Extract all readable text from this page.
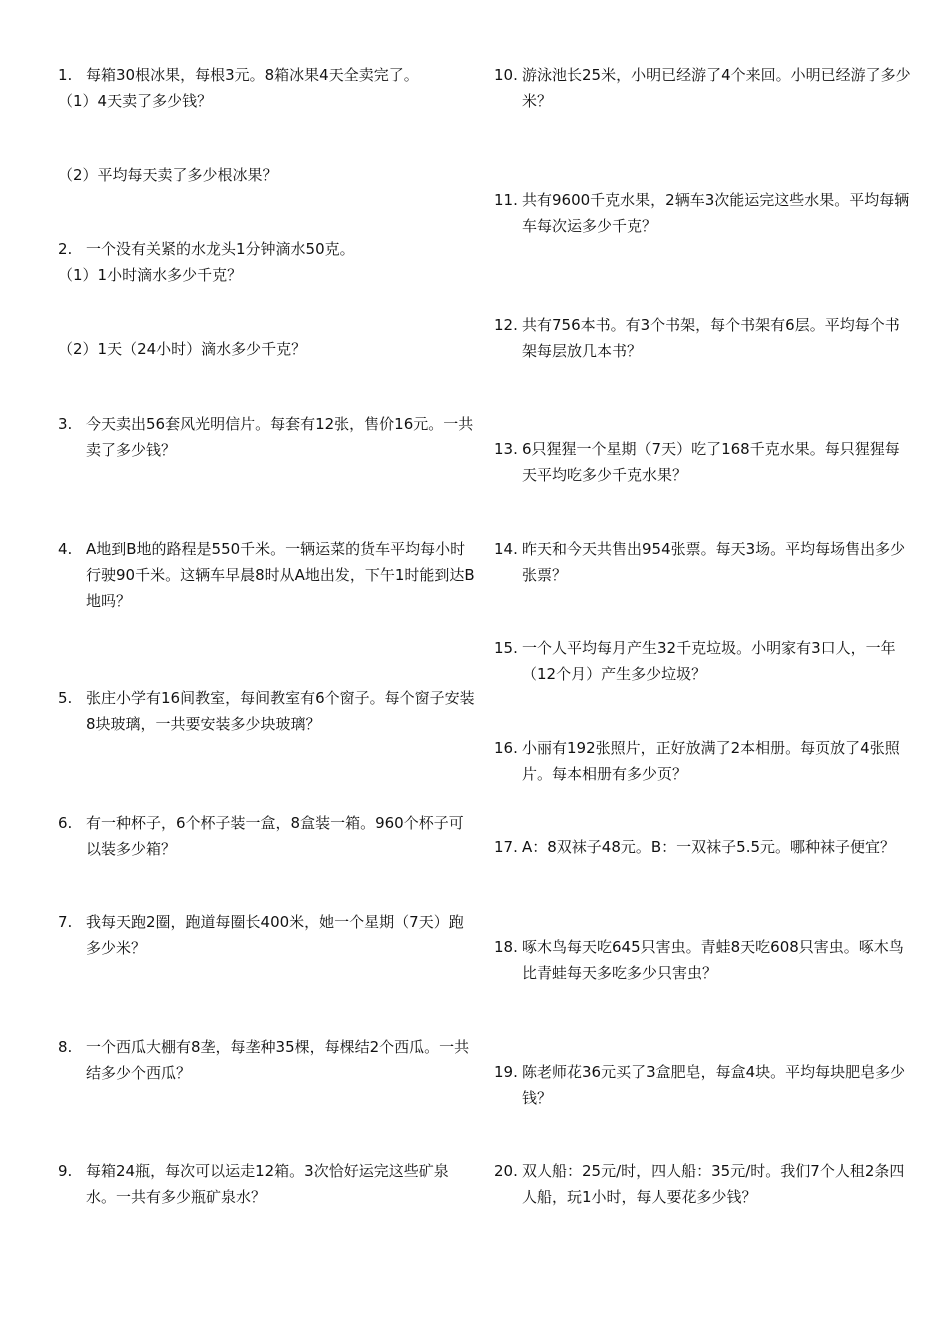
1. 每箱30根冰果，每根3元。8箱冰果4天全卖完了。
（1）4天卖了多少钱？
（2）平均每天卖了多少根冰果？
2. 一个没有关紧的水龙头1分钟滴水50克。
（1）1小时滴水多少千克？
（2）1天（24小时）滴水多少千克？
3. 今天卖出56套风光明信片。每套有12张，售价16元。一共卖了多少钱？
4. A地到B地的路程是550千米。一辆运菜的货车平均每小时行驶90千米。这辆车早晨8时从A地出发，下午1时能到达B地吗？
5. 张庄小学有16间教室，每间教室有6个窗子。每个窗子安装8块玻璃，一共要安装多少块玻璃？
6. 有一种杯子，6个杯子装一盒，8盒装一箱。960个杯子可以装多少箱？
7. 我每天跑2圈，跑道每圈长400米，她一个星期（7天）跑多少米？
8. 一个西瓜大棚有8垄，每垄种35棵，每棵结2个西瓜。一共结多少个西瓜？
9. 每箱24瓶，每次可以运走12箱。3次恰好运完这些矿泉水。一共有多少瓶矿泉水？
10. 游泳池长25米，小明已经游了4个来回。小明已经游了多少米？
11. 共有9600千克水果，2辆车3次能运完这些水果。平均每辆车每次运多少千克？
12. 共有756本书。有3个书架，每个书架有6层。平均每个书架每层放几本书？
13. 6只猩猩一个星期（7天）吃了168千克水果。每只猩猩每天平均吃多少千克水果？
14. 昨天和今天共售出954张票。每天3场。平均每场售出多少张票？
15. 一个人平均每月产生32千克垃圾。小明家有3口人，一年（12个月）产生多少垃圾？
16. 小丽有192张照片，正好放满了2本相册。每页放了4张照片。每本相册有多少页？
17. A：8双袜子48元。B：一双袜子5.5元。哪种袜子便宜？
18. 啄木鸟每天吃645只害虫。青蛙8天吃608只害虫。啄木鸟比青蛙每天多吃多少只害虫？
19. 陈老师花36元买了3盒肥皂，每盒4块。平均每块肥皂多少钱？
20. 双人船：25元/时，四人船：35元/时。我们7个人租2条四人船，玩1小时，每人要花多少钱？
